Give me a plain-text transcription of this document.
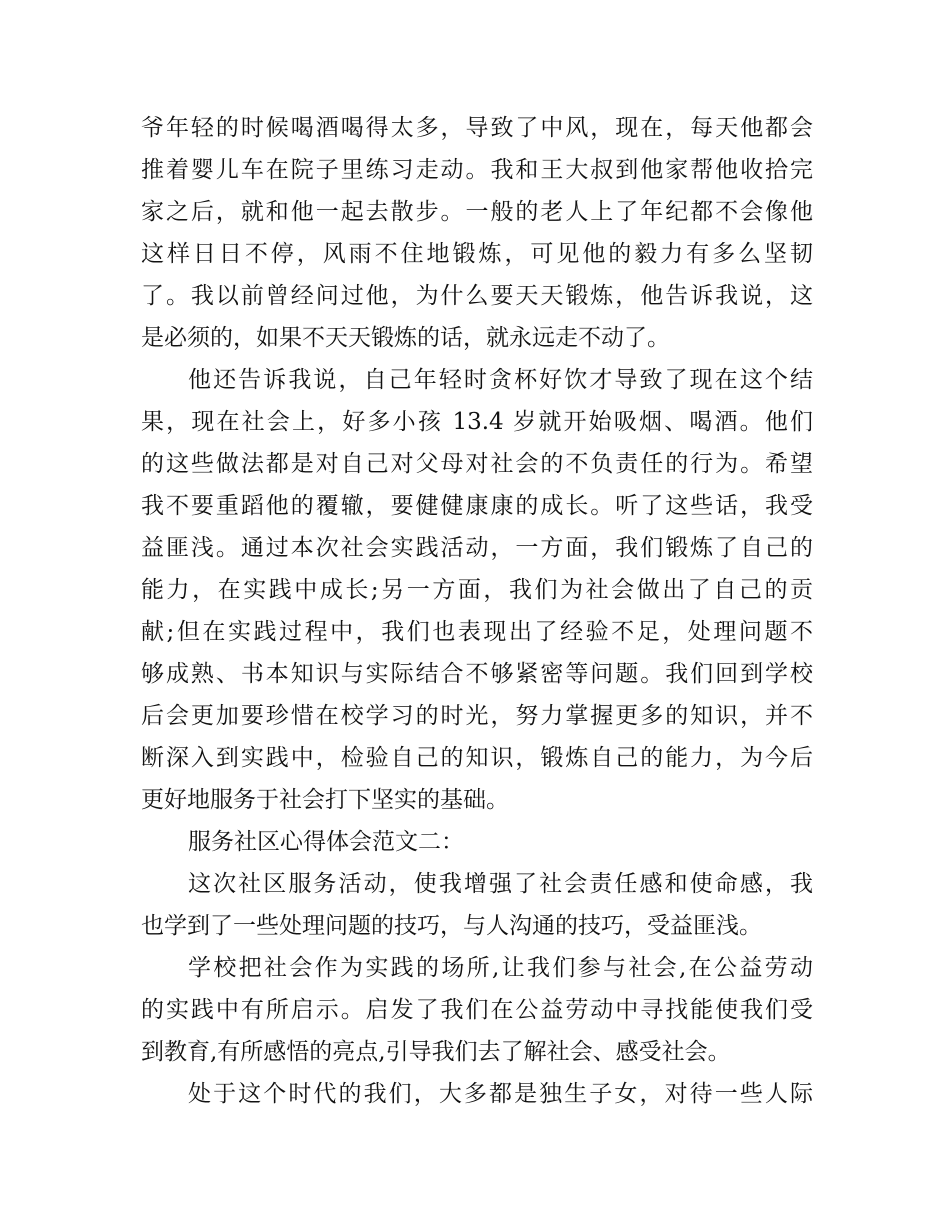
爷年轻的时候喝酒喝得太多，导致了中风，现在，每天他都会
推着婴儿车在院子里练习走动。我和王大叔到他家帮他收拾完
家之后，就和他一起去散步。一般的老人上了年纪都不会像他
这样日日不停，风雨不住地锻炼，可见他的毅力有多么坚韧
了。我以前曾经问过他，为什么要天天锻炼，他告诉我说，这
是必须的，如果不天天锻炼的话，就永远走不动了。
他还告诉我说，自己年轻时贪杯好饮才导致了现在这个结
果，现在社会上，好多小孩 13.4 岁就开始吸烟、喝酒。他们
的这些做法都是对自己对父母对社会的不负责任的行为。希望
我不要重蹈他的覆辙，要健健康康的成长。听了这些话，我受
益匪浅。通过本次社会实践活动，一方面，我们锻炼了自己的
能力，在实践中成长;另一方面，我们为社会做出了自己的贡
献;但在实践过程中，我们也表现出了经验不足，处理问题不
够成熟、书本知识与实际结合不够紧密等问题。我们回到学校
后会更加要珍惜在校学习的时光，努力掌握更多的知识，并不
断深入到实践中，检验自己的知识，锻炼自己的能力，为今后
更好地服务于社会打下坚实的基础。
服务社区心得体会范文二：
这次社区服务活动，使我增强了社会责任感和使命感，我
也学到了一些处理问题的技巧，与人沟通的技巧，受益匪浅。
学校把社会作为实践的场所,让我们参与社会,在公益劳动
的实践中有所启示。启发了我们在公益劳动中寻找能使我们受
到教育,有所感悟的亮点,引导我们去了解社会、感受社会。
处于这个时代的我们，大多都是独生子女，对待一些人际
